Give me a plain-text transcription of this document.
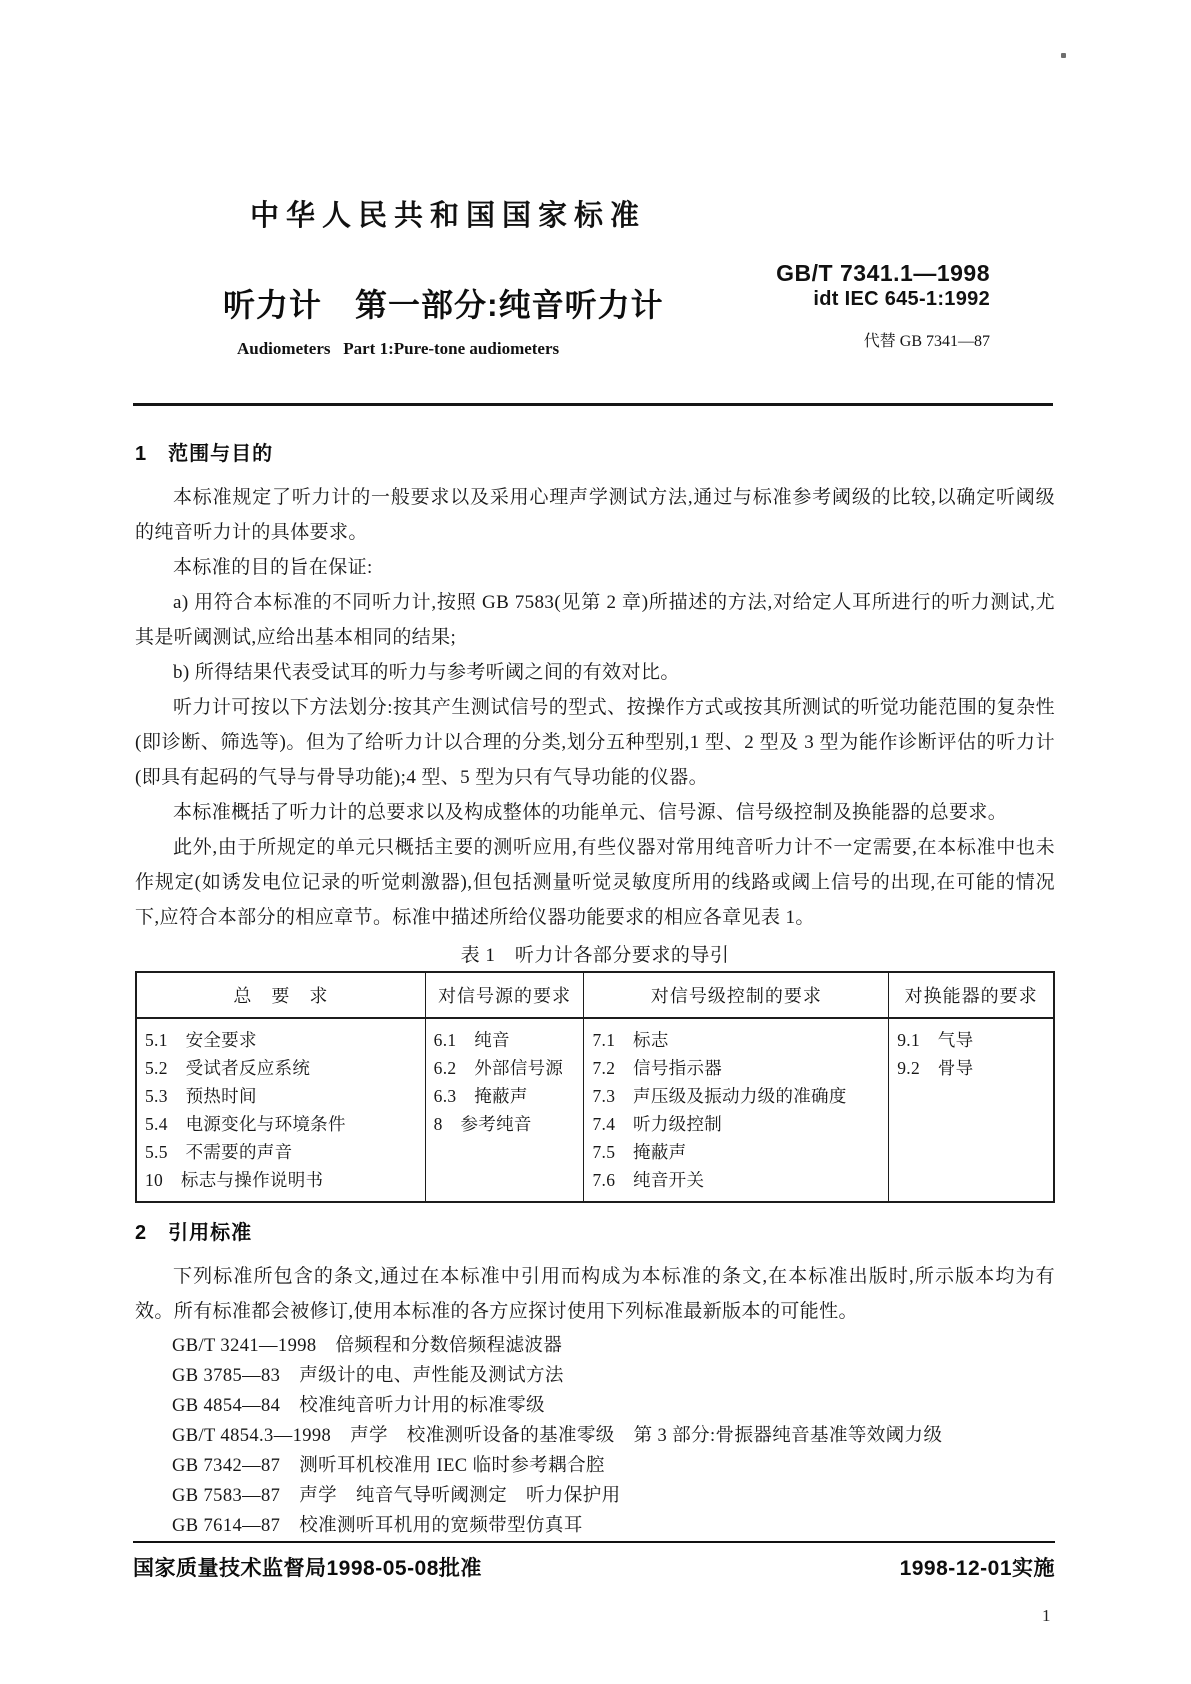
中华人民共和国国家标准
GB/T 7341.1—1998
idt IEC 645-1:1992
代替 GB 7341—87
听力计　第一部分:纯音听力计
Audiometers   Part 1:Pure-tone audiometers
1　范围与目的

本标准规定了听力计的一般要求以及采用心理声学测试方法,通过与标准参考阈级的比较,以确定听阈级的纯音听力计的具体要求。

本标准的目的旨在保证:

a) 用符合本标准的不同听力计,按照 GB 7583(见第 2 章)所描述的方法,对给定人耳所进行的听力测试,尤其是听阈测试,应给出基本相同的结果;

b) 所得结果代表受试耳的听力与参考听阈之间的有效对比。

听力计可按以下方法划分:按其产生测试信号的型式、按操作方式或按其所测试的听觉功能范围的复杂性(即诊断、筛选等)。但为了给听力计以合理的分类,划分五种型别,1 型、2 型及 3 型为能作诊断评估的听力计(即具有起码的气导与骨导功能);4 型、5 型为只有气导功能的仪器。

本标准概括了听力计的总要求以及构成整体的功能单元、信号源、信号级控制及换能器的总要求。

此外,由于所规定的单元只概括主要的测听应用,有些仪器对常用纯音听力计不一定需要,在本标准中也未作规定(如诱发电位记录的听觉刺激器),但包括测量听觉灵敏度所用的线路或阈上信号的出现,在可能的情况下,应符合本部分的相应章节。标准中描述所给仪器功能要求的相应各章见表 1。

表 1　听力计各部分要求的导引
总　要　求	对信号源的要求	对信号级控制的要求	对换能器的要求
5.1　安全要求	6.1　纯音	7.1　标志	9.1　气导
5.2　受试者反应系统	6.2　外部信号源	7.2　信号指示器	9.2　骨导
5.3　预热时间	6.3　掩蔽声	7.3　声压级及振动力级的准确度	
5.4　电源变化与环境条件	8　参考纯音	7.4　听力级控制	
5.5　不需要的声音		7.5　掩蔽声	
10　标志与操作说明书		7.6　纯音开关	
2　引用标准

下列标准所包含的条文,通过在本标准中引用而构成为本标准的条文,在本标准出版时,所示版本均为有效。所有标准都会被修订,使用本标准的各方应探讨使用下列标准最新版本的可能性。

GB/T 3241—1998　倍频程和分数倍频程滤波器
GB 3785—83　声级计的电、声性能及测试方法
GB 4854—84　校准纯音听力计用的标准零级
GB/T 4854.3—1998　声学　校准测听设备的基准零级　第 3 部分:骨振器纯音基准等效阈力级
GB 7342—87　测听耳机校准用 IEC 临时参考耦合腔
GB 7583—87　声学　纯音气导听阈测定　听力保护用
GB 7614—87　校准测听耳机用的宽频带型仿真耳
国家质量技术监督局1998-05-08批准	1998-12-01实施
1
